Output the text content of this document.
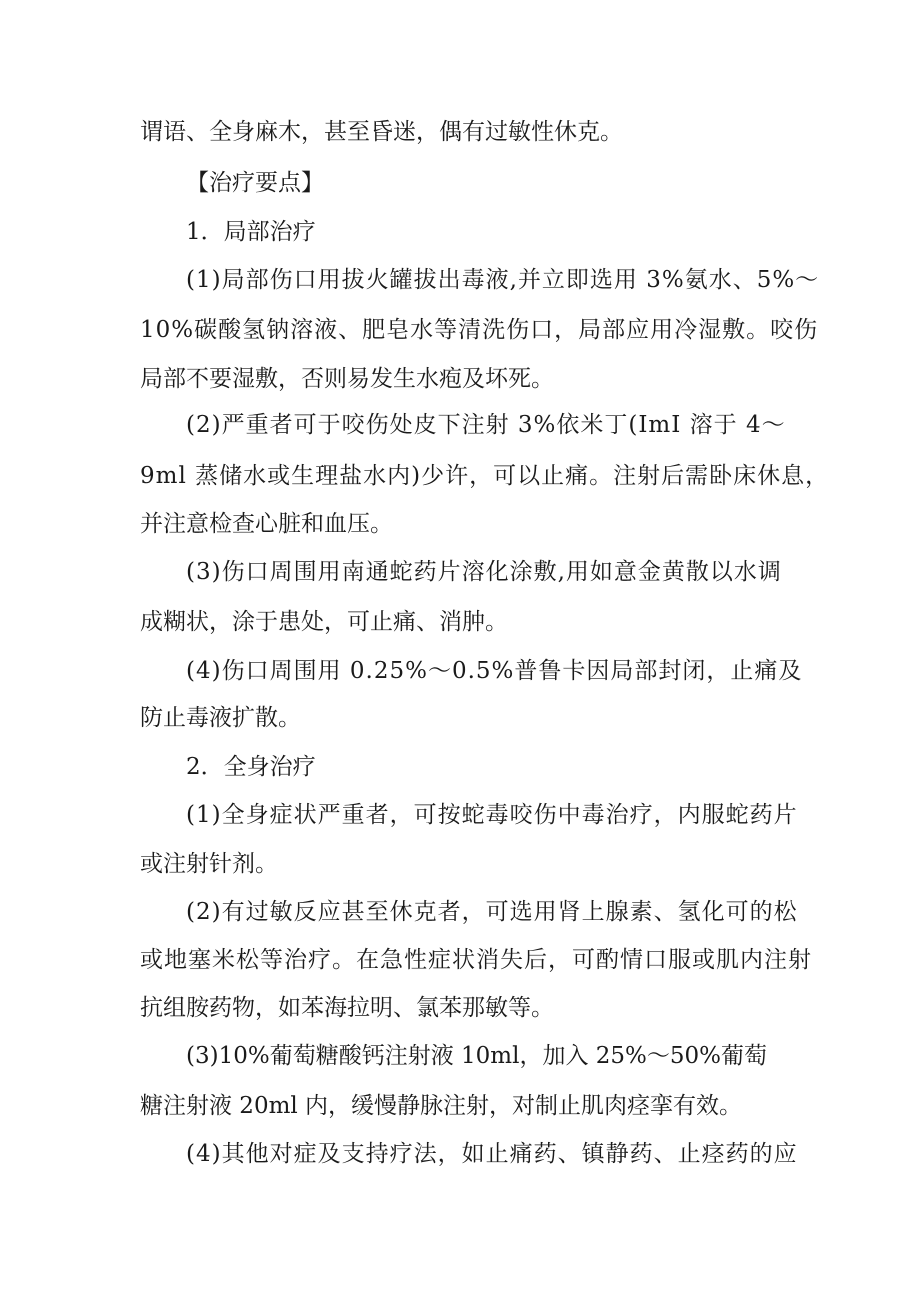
谓语、全身麻木，甚至昏迷，偶有过敏性休克。
【治疗要点】
1．局部治疗
(1)局部伤口用拔火罐拔出毒液,并立即选用 3%氨水、5%～
10%碳酸氢钠溶液、肥皂水等清洗伤口，局部应用冷湿敷。咬伤
局部不要湿敷，否则易发生水疱及坏死。
(2)严重者可于咬伤处皮下注射 3%依米丁(ImI 溶于 4～
9ml 蒸储水或生理盐水内)少许，可以止痛。注射后需卧床休息，
并注意检查心脏和血压。
(3)伤口周围用南通蛇药片溶化涂敷,用如意金黄散以水调
成糊状，涂于患处，可止痛、消肿。
(4)伤口周围用 0.25%～0.5%普鲁卡因局部封闭，止痛及
防止毒液扩散。
2．全身治疗
(1)全身症状严重者，可按蛇毒咬伤中毒治疗，内服蛇药片
或注射针剂。
(2)有过敏反应甚至休克者，可选用肾上腺素、氢化可的松
或地塞米松等治疗。在急性症状消失后，可酌情口服或肌内注射
抗组胺药物，如苯海拉明、氯苯那敏等。
(3)10%葡萄糖酸钙注射液 10ml，加入 25%～50%葡萄
糖注射液 20ml 内，缓慢静脉注射，对制止肌肉痉挛有效。
(4)其他对症及支持疗法，如止痛药、镇静药、止痉药的应
